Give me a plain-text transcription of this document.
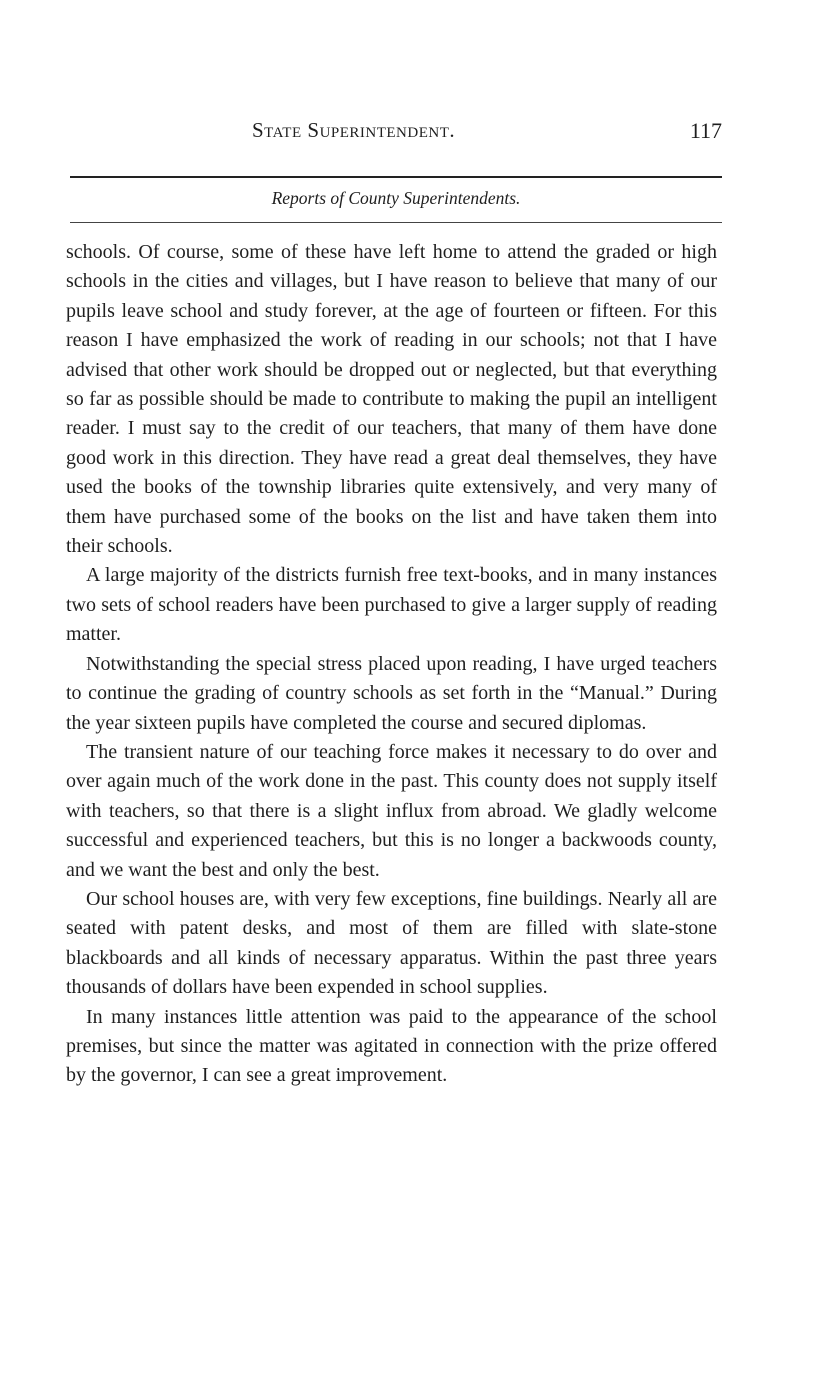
State Superintendent.	117
Reports of County Superintendents.

schools. Of course, some of these have left home to attend the graded or high schools in the cities and villages, but I have reason to believe that many of our pupils leave school and study forever, at the age of fourteen or fifteen. For this reason I have emphasized the work of reading in our schools; not that I have advised that other work should be dropped out or neglected, but that everything so far as possible should be made to contribute to making the pupil an intelligent reader. I must say to the credit of our teachers, that many of them have done good work in this direction. They have read a great deal themselves, they have used the books of the township libraries quite extensively, and very many of them have purchased some of the books on the list and have taken them into their schools.

A large majority of the districts furnish free text-books, and in many instances two sets of school readers have been purchased to give a larger supply of reading matter.

Notwithstanding the special stress placed upon reading, I have urged teachers to continue the grading of country schools as set forth in the “Manual.” During the year sixteen pupils have completed the course and secured diplomas.

The transient nature of our teaching force makes it necessary to do over and over again much of the work done in the past. This county does not supply itself with teachers, so that there is a slight influx from abroad. We gladly welcome successful and experienced teachers, but this is no longer a backwoods county, and we want the best and only the best.

Our school houses are, with very few exceptions, fine buildings. Nearly all are seated with patent desks, and most of them are filled with slate-stone blackboards and all kinds of necessary apparatus. Within the past three years thousands of dollars have been expended in school supplies.

In many instances little attention was paid to the appearance of the school premises, but since the matter was agitated in connection with the prize offered by the governor, I can see a great improvement.
